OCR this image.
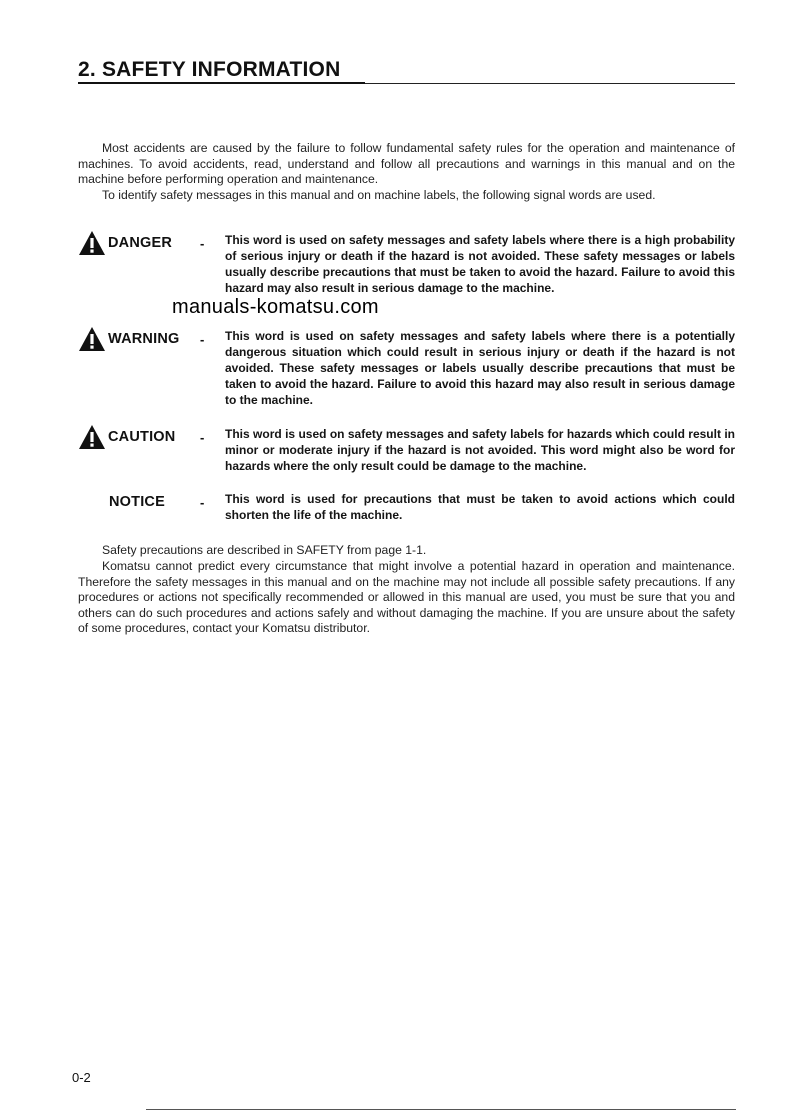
2. SAFETY INFORMATION
Most accidents are caused by the failure to follow fundamental safety rules for the operation and maintenance of machines. To avoid accidents, read, understand and follow all precautions and warnings in this manual and on the machine before performing operation and maintenance.
To identify safety messages in this manual and on machine labels, the following signal words are used.
DANGER - This word is used on safety messages and safety labels where there is a high probability of serious injury or death if the hazard is not avoided. These safety messages or labels usually describe precautions that must be taken to avoid the hazard. Failure to avoid this hazard may also result in serious damage to the machine.
WARNING - This word is used on safety messages and safety labels where there is a potentially dangerous situation which could result in serious injury or death if the hazard is not avoided. These safety messages or labels usually describe precautions that must be taken to avoid the hazard. Failure to avoid this hazard may also result in serious damage to the machine.
CAUTION - This word is used on safety messages and safety labels for hazards which could result in minor or moderate injury if the hazard is not avoided. This word might also be word for hazards where the only result could be damage to the machine.
NOTICE	- This word is used for precautions that must be taken to avoid actions which could shorten the life of the machine.
Safety precautions are described in SAFETY from page 1-1.
Komatsu cannot predict every circumstance that might involve a potential hazard in operation and maintenance. Therefore the safety messages in this manual and on the machine may not include all possible safety precautions. If any procedures or actions not specifically recommended or allowed in this manual are used, you must be sure that you and others can do such procedures and actions safely and without damaging the machine. If you are unsure about the safety of some procedures, contact your Komatsu distributor.
manuals-komatsu.com
0-2
